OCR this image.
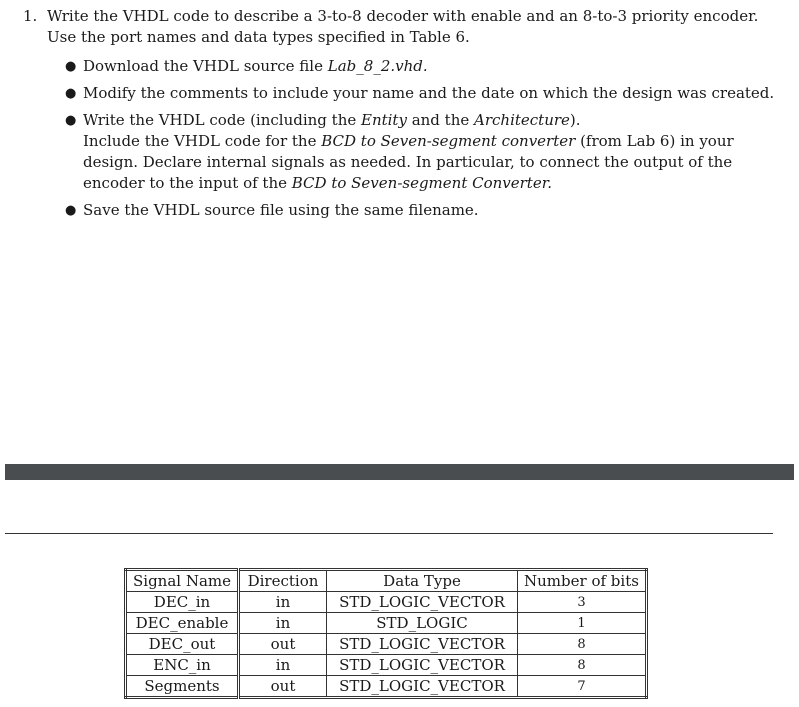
1. Write the VHDL code to describe a 3-to-8 decoder with enable and an 8-to-3 priority encoder. Use the port names and data types specified in Table 6.
● Download the VHDL source file Lab_8_2.vhd.
● Modify the comments to include your name and the date on which the design was created.
● Write the VHDL code (including the Entity and the Architecture).
Include the VHDL code for the BCD to Seven-segment converter (from Lab 6) in your design. Declare internal signals as needed. In particular, to connect the output of the encoder to the input of the BCD to Seven-segment Converter.
● Save the VHDL source file using the same filename.
Signal Name	Direction	Data Type	Number of bits
DEC_in	in	STD_LOGIC_VECTOR	3
DEC_enable	in	STD_LOGIC	1
DEC_out	out	STD_LOGIC_VECTOR	8
ENC_in	in	STD_LOGIC_VECTOR	8
Segments	out	STD_LOGIC_VECTOR	7
